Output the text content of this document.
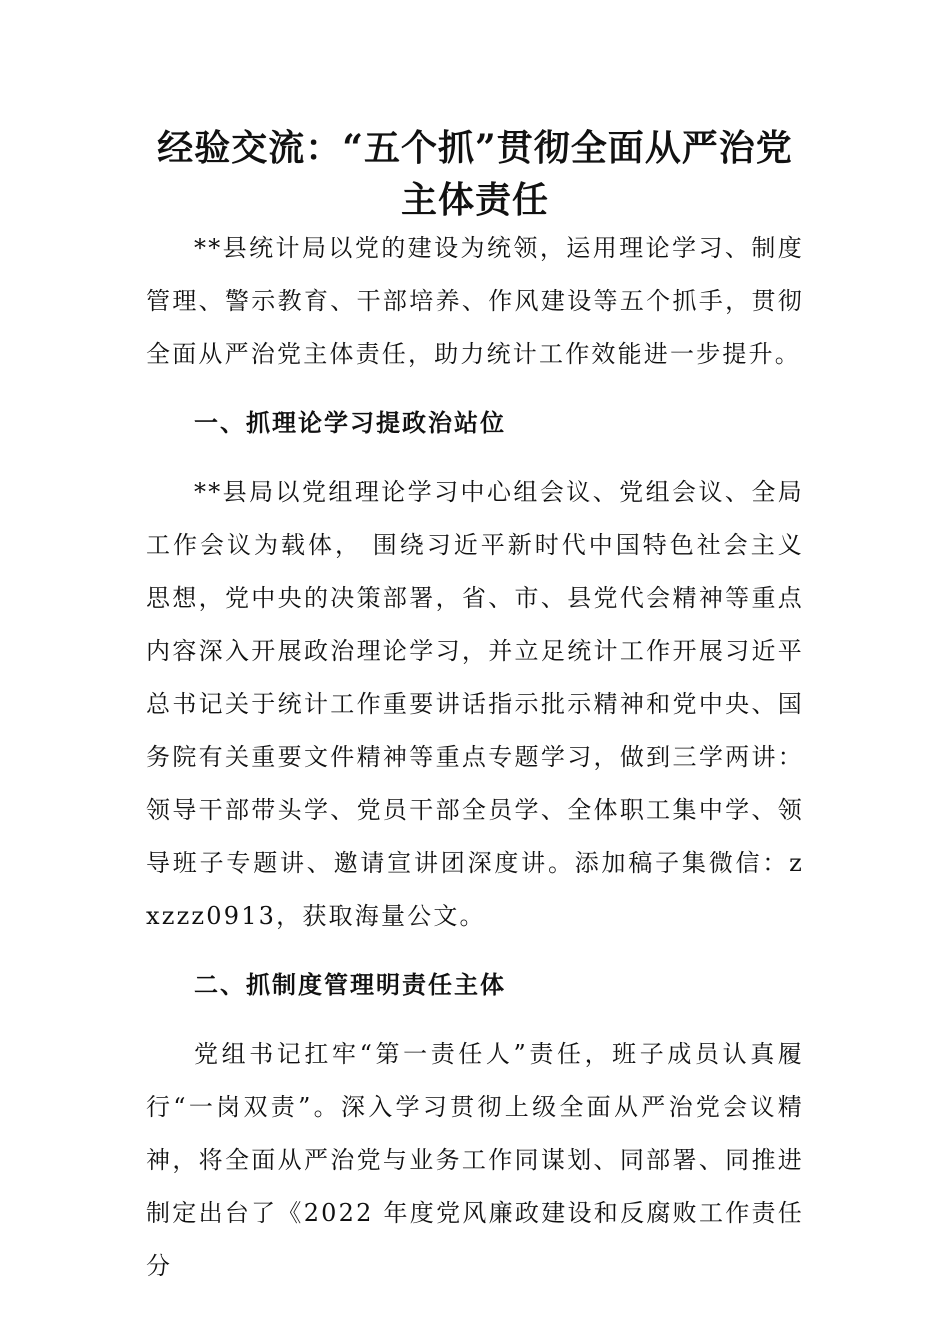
经验交流：“五个抓”贯彻全面从严治党
主体责任

**县统计局以党的建设为统领，运用理论学习、制度管理、警示教育、干部培养、作风建设等五个抓手，贯彻全面从严治党主体责任，助力统计工作效能进一步提升。

一、抓理论学习提政治站位

**县局以党组理论学习中心组会议、党组会议、全局工作会议为载体， 围绕习近平新时代中国特色社会主义思想，党中央的决策部署，省、市、县党代会精神等重点内容深入开展政治理论学习，并立足统计工作开展习近平总书记关于统计工作重要讲话指示批示精神和党中央、国务院有关重要文件精神等重点专题学习，做到三学两讲：领导干部带头学、党员干部全员学、全体职工集中学、领导班子专题讲、邀请宣讲团深度讲。添加稿子集微信：zxzzz0913，获取海量公文。

二、抓制度管理明责任主体

党组书记扛牢“第一责任人”责任，班子成员认真履行“一岗双责”。深入学习贯彻上级全面从严治党会议精神，将全面从严治党与业务工作同谋划、同部署、同推进制定出台了《2022 年度党风廉政建设和反腐败工作责任分
